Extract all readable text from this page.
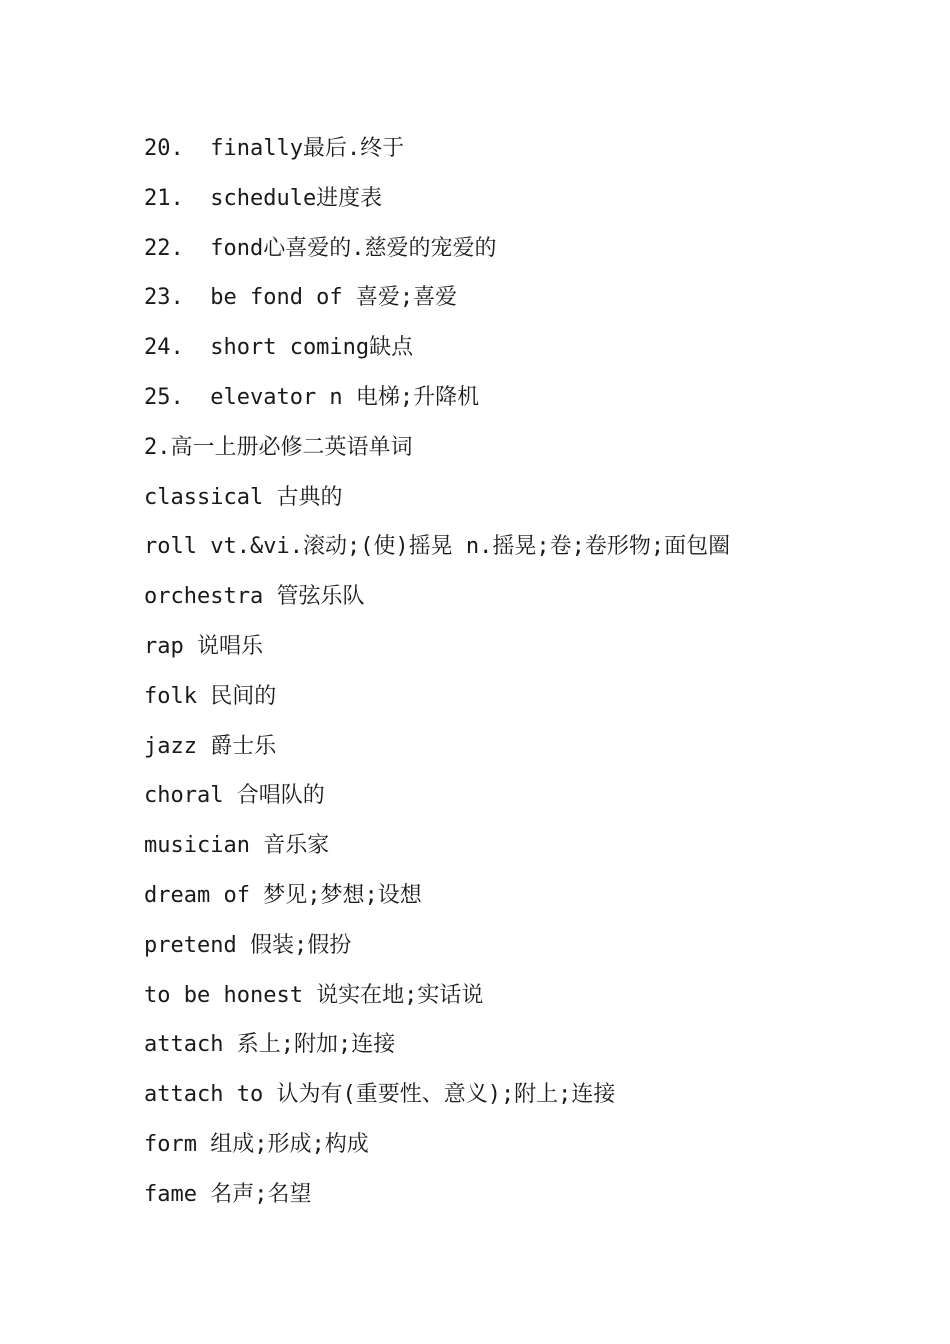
20.  finally最后.终于
21.  schedule进度表
22.  fond心喜爱的.慈爱的宠爱的
23.  be fond of 喜爱;喜爱
24.  short coming缺点
25.  elevator n 电梯;升降机
2.高一上册必修二英语单词
classical 古典的
roll vt.&vi.滚动;(使)摇晃 n.摇晃;卷;卷形物;面包圈
orchestra 管弦乐队
rap 说唱乐
folk 民间的
jazz 爵士乐
choral 合唱队的
musician 音乐家
dream of 梦见;梦想;设想
pretend 假装;假扮
to be honest 说实在地;实话说
attach 系上;附加;连接
attach to 认为有(重要性、意义);附上;连接
form 组成;形成;构成
fame 名声;名望
